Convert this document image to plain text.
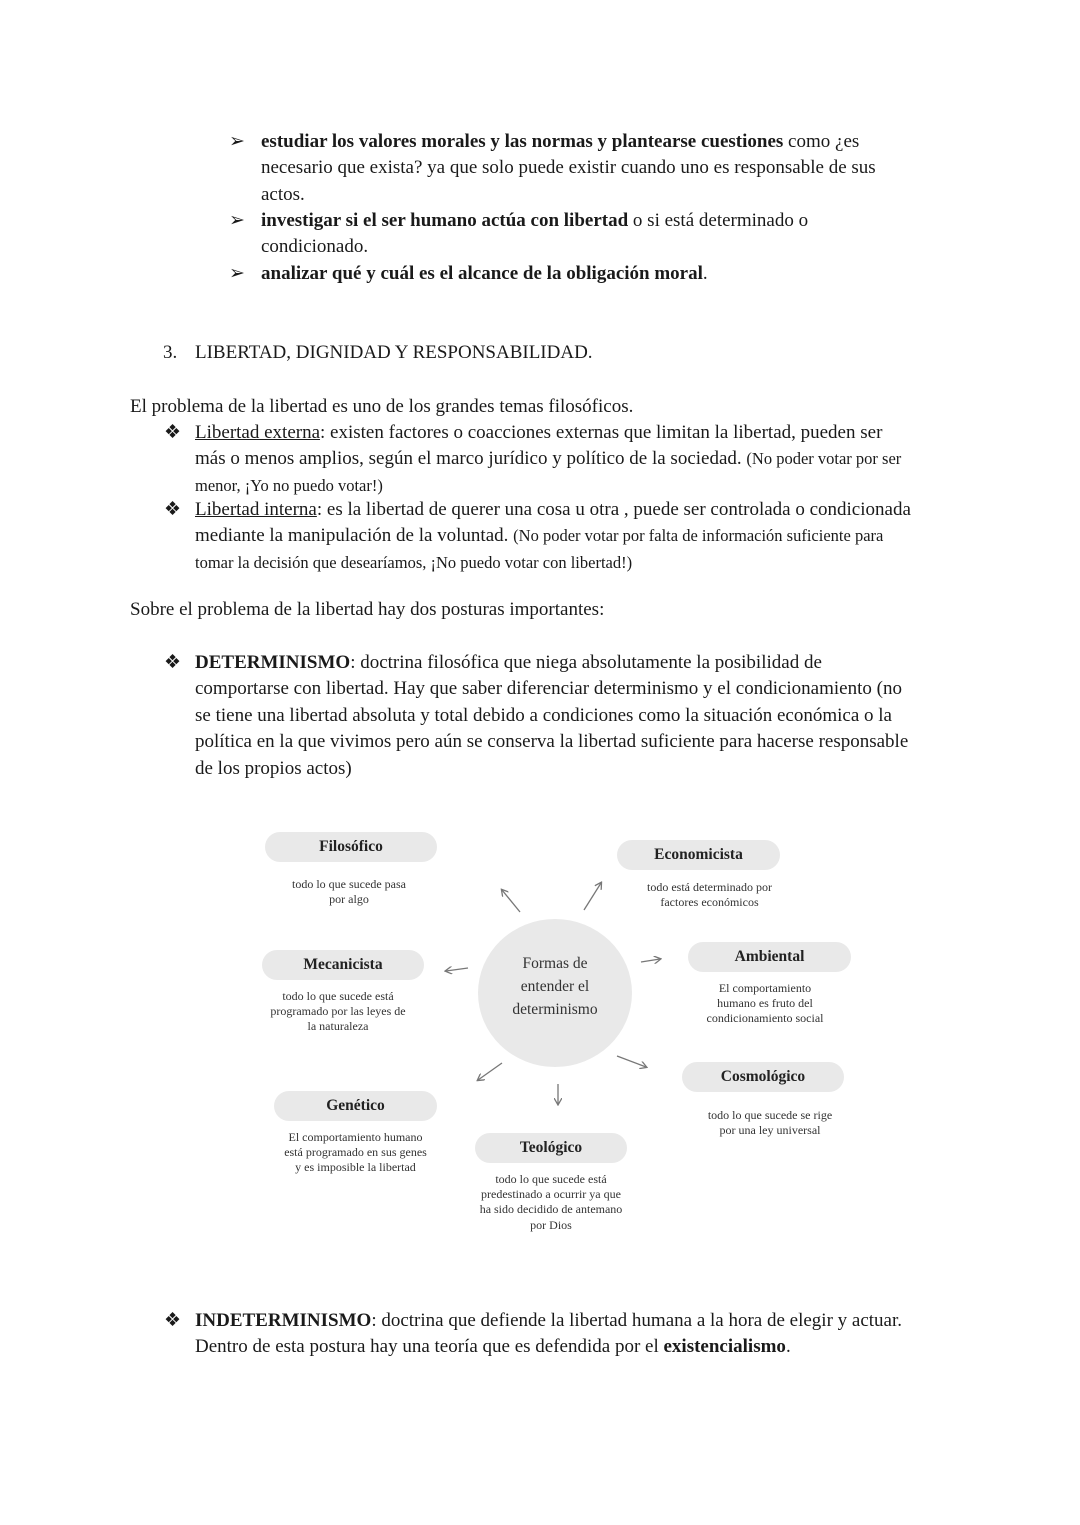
➢ estudiar los valores morales y las normas y plantearse cuestiones como ¿es
necesario que exista? ya que solo puede existir cuando uno es responsable de sus
actos.
➢ investigar si el ser humano actúa con libertad o si está determinado o
condicionado.
➢ analizar qué y cuál es el alcance de la obligación moral.
3. LIBERTAD, DIGNIDAD Y RESPONSABILIDAD.
El problema de la libertad es uno de los grandes temas filosóficos.
❖ Libertad externa: existen factores o coacciones externas que limitan la libertad, pueden ser
más o menos amplios, según el marco jurídico y político de la sociedad. (No poder votar por ser
menor, ¡Yo no puedo votar!)
❖ Libertad interna: es la libertad de querer una cosa u otra , puede ser controlada o condicionada
mediante la manipulación de la voluntad. (No poder votar por falta de información suficiente para
tomar la decisión que desearíamos, ¡No puedo votar con libertad!)
Sobre el problema de la libertad hay dos posturas importantes:
❖ DETERMINISMO: doctrina filosófica que niega absolutamente la posibilidad de
comportarse con libertad. Hay que saber diferenciar determinismo y el condicionamiento (no
se tiene una libertad absoluta y total debido a condiciones como la situación económica o la
política en la que vivimos pero aún se conserva la libertad suficiente para hacerse responsable
de los propios actos)
Formas de
entender el
determinismo
Filosófico
todo lo que sucede pasa
por algo
Economicista
todo está determinado por
factores económicos
Mecanicista
todo lo que sucede está
programado por las leyes de
la naturaleza
Ambiental
El comportamiento
humano es fruto del
condicionamiento social
Cosmológico
todo lo que sucede se rige
por una ley universal
Genético
El comportamiento humano
está programado en sus genes
y es imposible la libertad
Teológico
todo lo que sucede está
predestinado a ocurrir ya que
ha sido decidido de antemano
por Dios
❖ INDETERMINISMO: doctrina que defiende la libertad humana a la hora de elegir y actuar.
Dentro de esta postura hay una teoría que es defendida por el existencialismo.
